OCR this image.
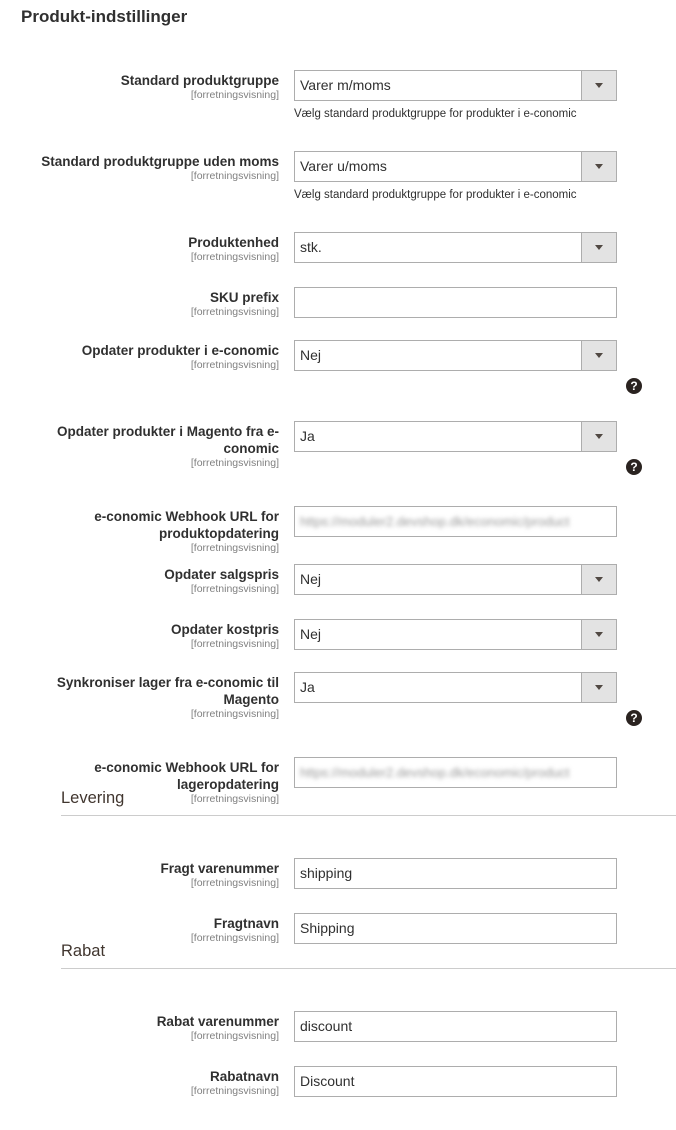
Produkt-indstillinger
Standard produktgruppe
[forretningsvisning]
Varer m/moms
Vælg standard produktgruppe for produkter i e-conomic
Standard produktgruppe uden moms
[forretningsvisning]
Varer u/moms
Vælg standard produktgruppe for produkter i e-conomic
Produktenhed
[forretningsvisning]
stk.
SKU prefix
[forretningsvisning]
Opdater produkter i e-conomic
[forretningsvisning]
Nej
?
Opdater produkter i Magento fra e-conomic
[forretningsvisning]
Ja
?
e-conomic Webhook URL for produktopdatering
[forretningsvisning]
https://moduler2.devshop.dk/economic/product
Opdater salgspris
[forretningsvisning]
Nej
Opdater kostpris
[forretningsvisning]
Nej
Synkroniser lager fra e-conomic til Magento
[forretningsvisning]
Ja
?
e-conomic Webhook URL for lageropdatering
[forretningsvisning]
https://moduler2.devshop.dk/economic/product
Fragt varenummer
[forretningsvisning]
shipping
Fragtnavn
[forretningsvisning]
Shipping
Rabat varenummer
[forretningsvisning]
discount
Rabatnavn
[forretningsvisning]
Discount
Levering
Rabat
